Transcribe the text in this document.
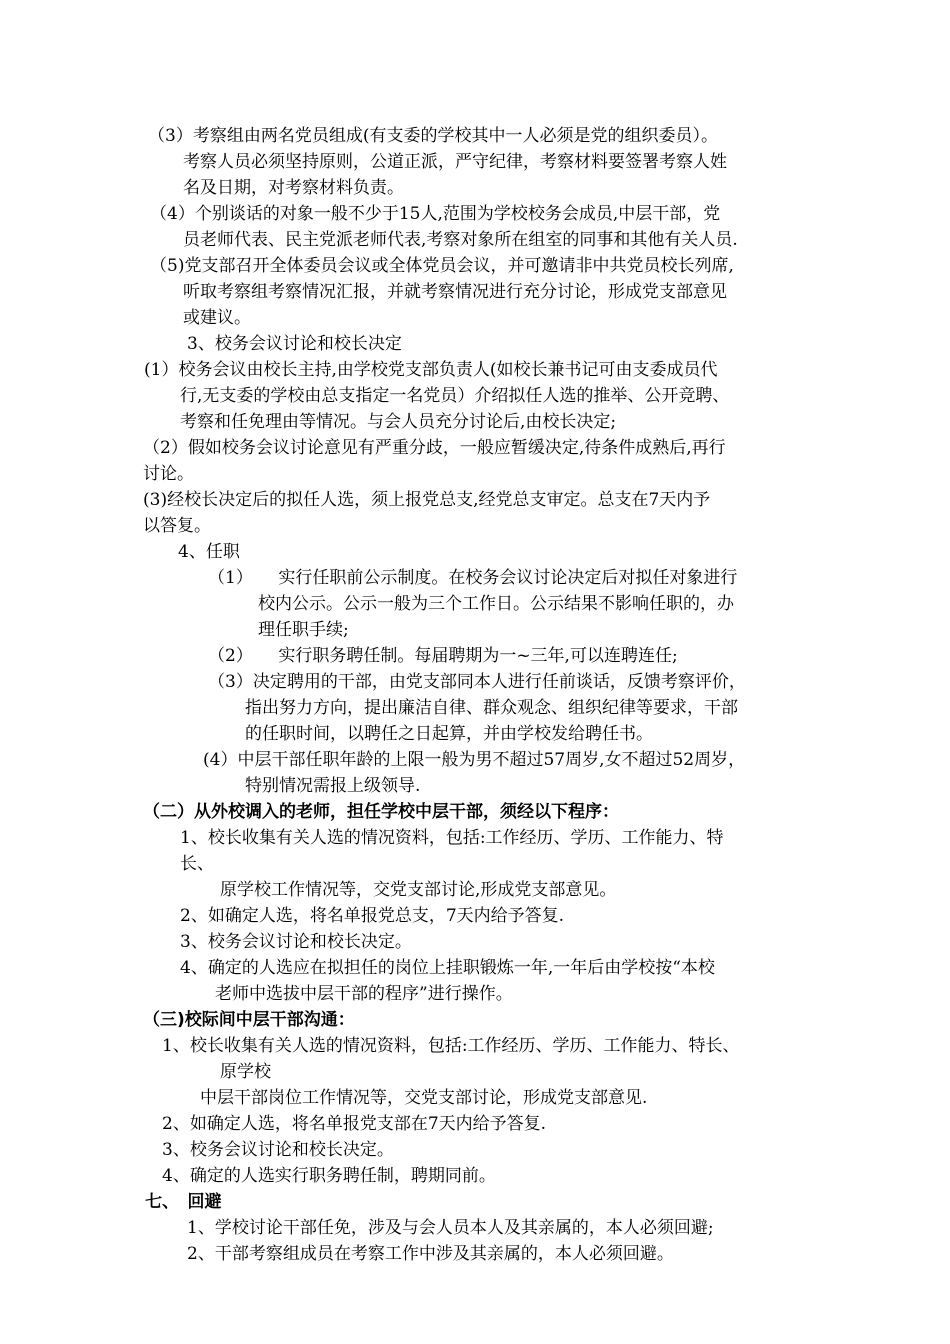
（3）考察组由两名党员组成(有支委的学校其中一人必须是党的组织委员）。
考察人员必须坚持原则，公道正派，严守纪律，考察材料要签署考察人姓
名及日期，对考察材料负责。
（4）个别谈话的对象一般不少于15人,范围为学校校务会成员,中层干部，党
员老师代表、民主党派老师代表,考察对象所在组室的同事和其他有关人员.
（5)党支部召开全体委员会议或全体党员会议，并可邀请非中共党员校长列席,
听取考察组考察情况汇报，并就考察情况进行充分讨论，形成党支部意见
或建议。
3、校务会议讨论和校长决定
(1）校务会议由校长主持,由学校党支部负责人(如校长兼书记可由支委成员代
行,无支委的学校由总支指定一名党员）介绍拟任人选的推举、公开竞聘、
考察和任免理由等情况。与会人员充分讨论后,由校长决定;
（2）假如校务会议讨论意见有严重分歧，一般应暂缓决定,待条件成熟后,再行
讨论。
(3)经校长决定后的拟任人选，须上报党总支,经党总支审定。总支在7天内予
以答复。
4、任职
（1）　　实行任职前公示制度。在校务会议讨论决定后对拟任对象进行
校内公示。公示一般为三个工作日。公示结果不影响任职的，办
理任职手续;
（2）　　实行职务聘任制。每届聘期为一~三年,可以连聘连任;
（3）决定聘用的干部，由党支部同本人进行任前谈话，反馈考察评价，
指出努力方向，提出廉洁自律、群众观念、组织纪律等要求，干部
的任职时间，以聘任之日起算，并由学校发给聘任书。
(4）中层干部任职年龄的上限一般为男不超过57周岁,女不超过52周岁，
特别情况需报上级领导.
（二）从外校调入的老师，担任学校中层干部，须经以下程序：
1、校长收集有关人选的情况资料，包括:工作经历、学历、工作能力、特
长、
原学校工作情况等，交党支部讨论,形成党支部意见。
2、如确定人选，将名单报党总支，7天内给予答复.
3、校务会议讨论和校长决定。
4、确定的人选应在拟担任的岗位上挂职锻炼一年,一年后由学校按“本校
老师中选拔中层干部的程序”进行操作。
（三)校际间中层干部沟通：
1、校长收集有关人选的情况资料，包括:工作经历、学历、工作能力、特长、
原学校
中层干部岗位工作情况等，交党支部讨论，形成党支部意见.
2、如确定人选，将名单报党支部在7天内给予答复.
3、校务会议讨论和校长决定。
4、确定的人选实行职务聘任制，聘期同前。
七、　回避
1、学校讨论干部任免，涉及与会人员本人及其亲属的，本人必须回避;
2、干部考察组成员在考察工作中涉及其亲属的，本人必须回避。
